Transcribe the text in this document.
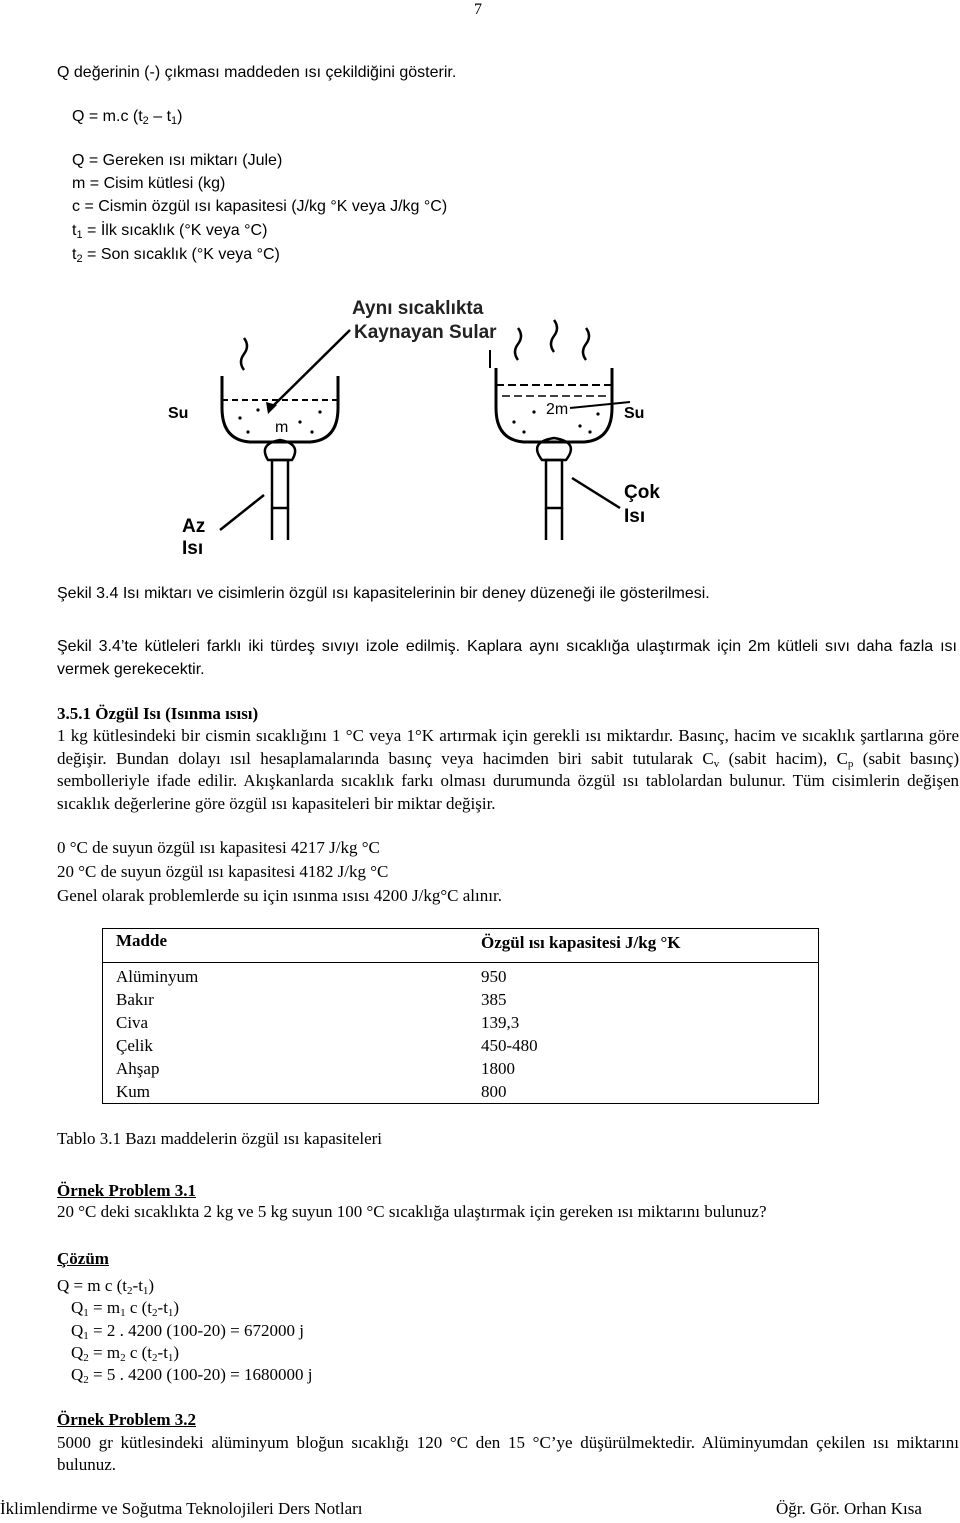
7
Q değerinin (-) çıkması maddeden ısı çekildiğini gösterir.
Q = m.c $(t_2 - t_1)$
Q = Gereken ısı miktarı (Jule)
m = Cisim kütlesi (kg)
c = Cismin özgül ısı kapasitesi (J/kg °K veya J/kg °C)
$t_1$ = İlk sıcaklık (°K veya °C)
$t_2$ = Son sıcaklık (°K veya °C)
Aynı sıcaklıkta
Kaynayan Sular
m
Su
Az
Isı
2m	Su
Çok
Isı
Şekil 3.4 Isı miktarı ve cisimlerin özgül ısı kapasitelerinin bir deney düzeneği ile gösterilmesi.
Şekil 3.4’te kütleleri farklı iki türdeş sıvıyı izole edilmiş. Kaplara aynı sıcaklığa ulaştırmak için 2m kütleli sıvı daha fazla ısı vermek gerekecektir.
3.5.1 Özgül Isı (Isınma ısısı)
1 kg kütlesindeki bir cismin sıcaklığını 1 °C veya 1°K artırmak için gerekli ısı miktardır. Basınç, hacim ve sıcaklık şartlarına göre değişir. Bundan dolayı ısıl hesaplamalarında basınç veya hacimden biri sabit tutularak $C_v$ (sabit hacim), $C_p$ (sabit basınç) sembolleriyle ifade edilir. Akışkanlarda sıcaklık farkı olması durumunda özgül ısı tablolardan bulunur. Tüm cisimlerin değişen sıcaklık değerlerine göre özgül ısı kapasiteleri bir miktar değişir.
0 °C de suyun özgül ısı kapasitesi 4217 J/kg °C
20 °C de suyun özgül ısı kapasitesi 4182 J/kg °C
Genel olarak problemlerde su için ısınma ısısı 4200 J/kg°C alınır.
Madde	Özgül ısı kapasitesi J/kg °K
Alüminyum	950
Bakır	385
Civa	139,3
Çelik	450-480
Ahşap	1800
Kum	800
Tablo 3.1 Bazı maddelerin özgül ısı kapasiteleri
Örnek Problem 3.1
20 °C deki sıcaklıkta 2 kg ve 5 kg suyun 100 °C sıcaklığa ulaştırmak için gereken ısı miktarını bulunuz?
Çözüm
Q = m c $(t_2-t_1)$
$Q_1 = m_1$ c $(t_2-t_1)$
$Q_1 = 2$ . 4200 (100-20) = 672000 j
$Q_2 = m_2$ c $(t_2-t_1)$
$Q_2 = 5$ . 4200 (100-20) = 1680000 j
Örnek Problem 3.2
5000 gr kütlesindeki alüminyum bloğun sıcaklığı 120 °C den 15 °C’ye düşürülmektedir. Alüminyumdan çekilen ısı miktarını bulunuz.
İklimlendirme ve Soğutma Teknolojileri Ders Notları	Öğr. Gör. Orhan Kısa
